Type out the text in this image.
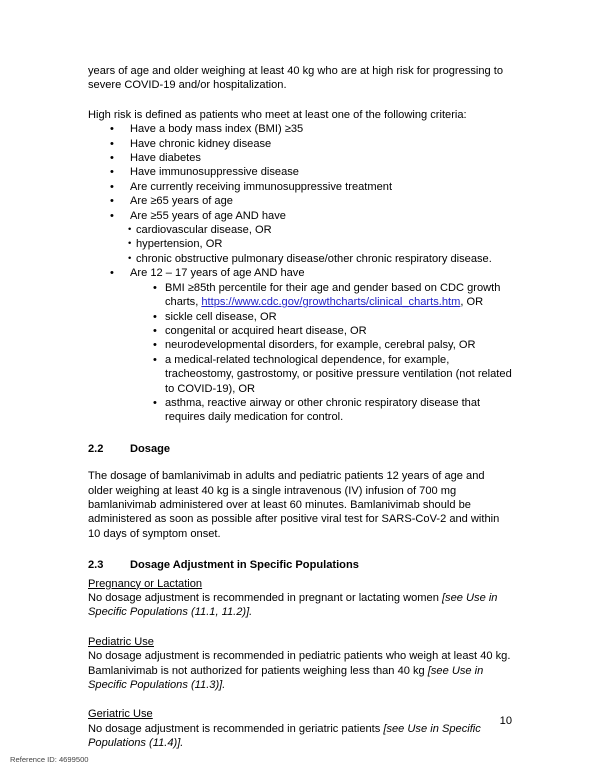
years of age and older weighing at least 40 kg who are at high risk for progressing to severe COVID-19 and/or hospitalization.

High risk is defined as patients who meet at least one of the following criteria:

• Have a body mass index (BMI) ≥35
• Have chronic kidney disease
• Have diabetes
• Have immunosuppressive disease
• Are currently receiving immunosuppressive treatment
• Are ≥65 years of age
• Are ≥55 years of age AND have
• cardiovascular disease, OR
• hypertension, OR
• chronic obstructive pulmonary disease/other chronic respiratory disease.
• Are 12 – 17 years of age AND have
• BMI ≥85th percentile for their age and gender based on CDC growth charts, https://www.cdc.gov/growthcharts/clinical_charts.htm, OR
• sickle cell disease, OR
• congenital or acquired heart disease, OR
• neurodevelopmental disorders, for example, cerebral palsy, OR
• a medical-related technological dependence, for example, tracheostomy, gastrostomy, or positive pressure ventilation (not related to COVID-19), OR
• asthma, reactive airway or other chronic respiratory disease that requires daily medication for control.
2.2	Dosage

The dosage of bamlanivimab in adults and pediatric patients 12 years of age and older weighing at least 40 kg is a single intravenous (IV) infusion of 700 mg bamlanivimab administered over at least 60 minutes. Bamlanivimab should be administered as soon as possible after positive viral test for SARS-CoV-2 and within 10 days of symptom onset.

2.3	Dosage Adjustment in Specific Populations
Pregnancy or Lactation

No dosage adjustment is recommended in pregnant or lactating women [see Use in Specific Populations (11.1, 11.2)].

Pediatric Use

No dosage adjustment is recommended in pediatric patients who weigh at least 40 kg. Bamlanivimab is not authorized for patients weighing less than 40 kg [see Use in Specific Populations (11.3)].

Geriatric Use

No dosage adjustment is recommended in geriatric patients [see Use in Specific Populations (11.4)].

10
Reference ID: 4699500
